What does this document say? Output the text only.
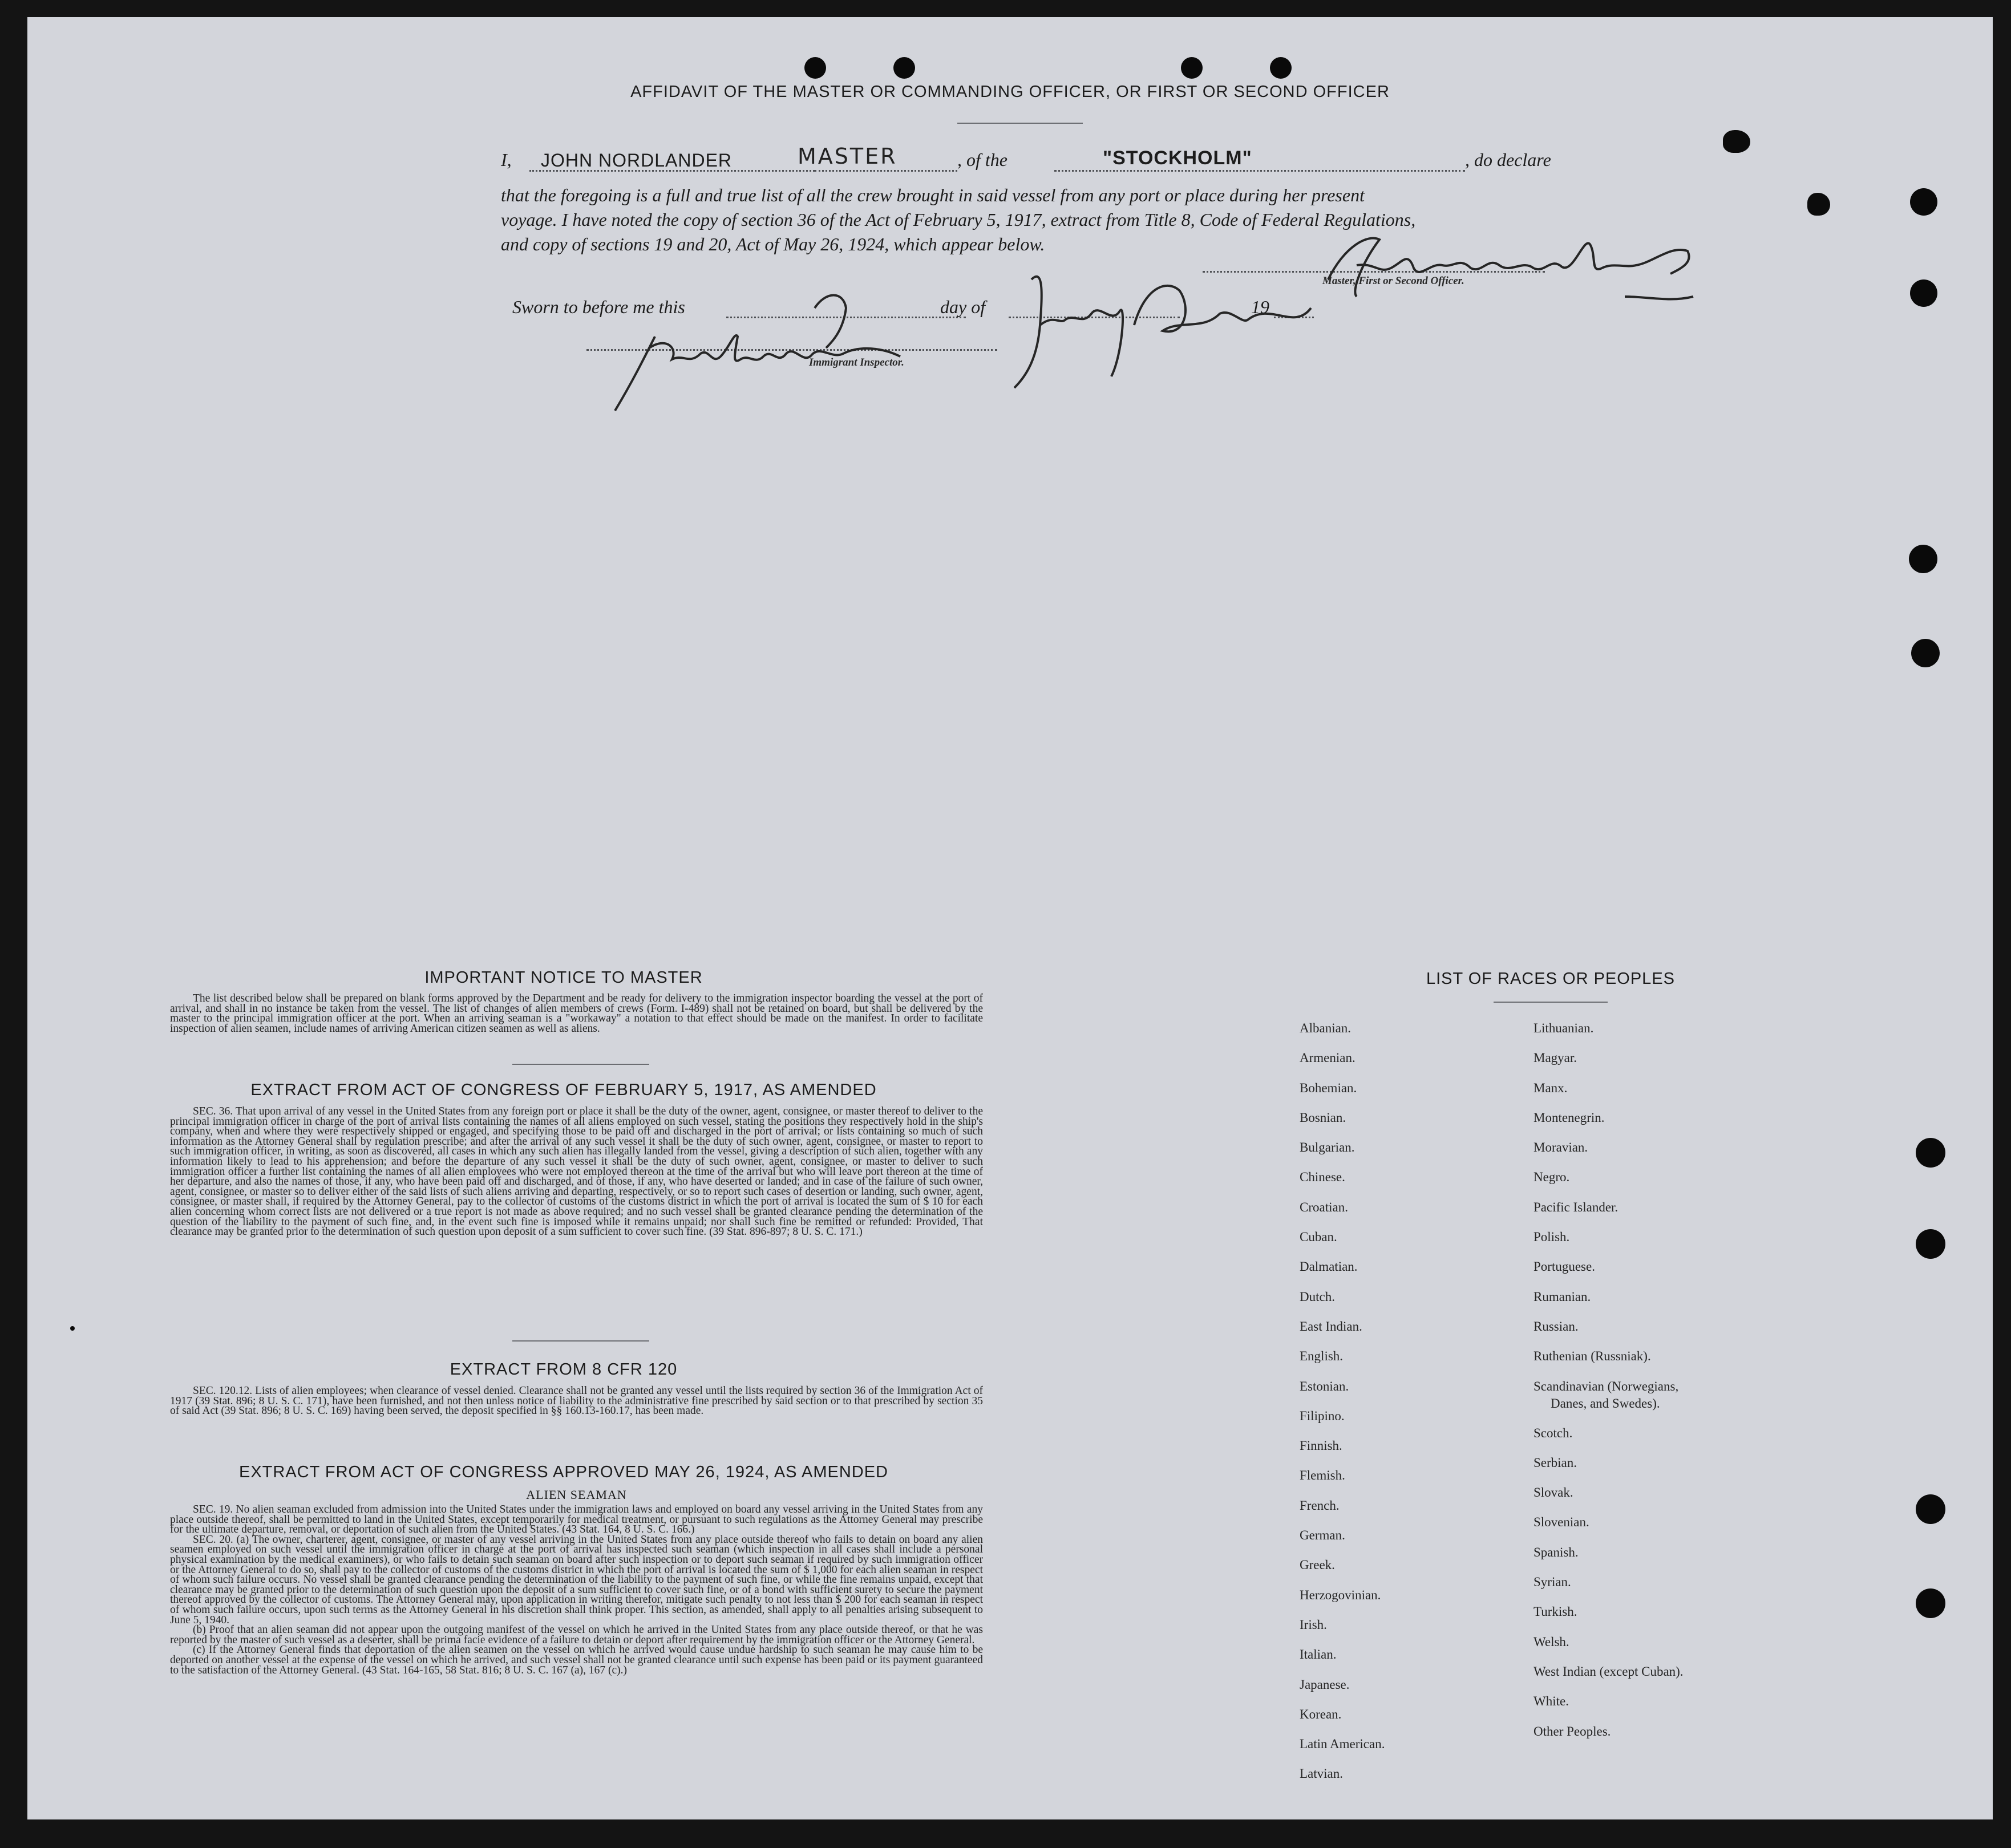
AFFIDAVIT OF THE MASTER OR COMMANDING OFFICER, OR FIRST OR SECOND OFFICER
I, JOHN NORDLANDER	MASTER	, of the	"STOCKHOLM"	, do declare
that the foregoing is a full and true list of all the crew brought in said vessel from any port or place during her present
voyage. I have noted the copy of section 36 of the Act of February 5, 1917, extract from Title 8, Code of Federal Regulations,
and copy of sections 19 and 20, Act of May 26, 1924, which appear below.
Master, First or Second Officer.
Sworn to before me this	day of	19
Immigrant Inspector.
IMPORTANT NOTICE TO MASTER

The list described below shall be prepared on blank forms approved by the Department and be ready for delivery to the immigration inspector boarding the vessel at the port of arrival, and shall in no instance be taken from the vessel. The list of changes of alien members of crews (Form. I-489) shall not be retained on board, but shall be delivered by the master to the principal immigration officer at the port. When an arriving seaman is a "workaway" a notation to that effect should be made on the manifest. In order to facilitate inspection of alien seamen, include names of arriving American citizen seamen as well as aliens.

EXTRACT FROM ACT OF CONGRESS OF FEBRUARY 5, 1917, AS AMENDED

SEC. 36. That upon arrival of any vessel in the United States from any foreign port or place it shall be the duty of the owner, agent, consignee, or master thereof to deliver to the principal immigration officer in charge of the port of arrival lists containing the names of all aliens employed on such vessel, stating the positions they respectively hold in the ship's company, when and where they were respectively shipped or engaged, and specifying those to be paid off and discharged in the port of arrival; or lists containing so much of such information as the Attorney General shall by regulation prescribe; and after the arrival of any such vessel it shall be the duty of such owner, agent, consignee, or master to report to such immigration officer, in writing, as soon as discovered, all cases in which any such alien has illegally landed from the vessel, giving a description of such alien, together with any information likely to lead to his apprehension; and before the departure of any such vessel it shall be the duty of such owner, agent, consignee, or master to deliver to such immigration officer a further list containing the names of all alien employees who were not employed thereon at the time of the arrival but who will leave port thereon at the time of her departure, and also the names of those, if any, who have been paid off and discharged, and of those, if any, who have deserted or landed; and in case of the failure of such owner, agent, consignee, or master so to deliver either of the said lists of such aliens arriving and departing, respectively, or so to report such cases of desertion or landing, such owner, agent, consignee, or master shall, if required by the Attorney General, pay to the collector of customs of the customs district in which the port of arrival is located the sum of $ 10 for each alien concerning whom correct lists are not delivered or a true report is not made as above required; and no such vessel shall be granted clearance pending the determination of the question of the liability to the payment of such fine, and, in the event such fine is imposed while it remains unpaid; nor shall such fine be remitted or refunded: Provided, That clearance may be granted prior to the determination of such question upon deposit of a sum sufficient to cover such fine. (39 Stat. 896-897; 8 U. S. C. 171.)

EXTRACT FROM 8 CFR 120

SEC. 120.12. Lists of alien employees; when clearance of vessel denied. Clearance shall not be granted any vessel until the lists required by section 36 of the Immigration Act of 1917 (39 Stat. 896; 8 U. S. C. 171), have been furnished, and not then unless notice of liability to the administrative fine prescribed by said section or to that prescribed by section 35 of said Act (39 Stat. 896; 8 U. S. C. 169) having been served, the deposit specified in §§ 160.13-160.17, has been made.

EXTRACT FROM ACT OF CONGRESS APPROVED MAY 26, 1924, AS AMENDED
ALIEN SEAMAN

SEC. 19. No alien seaman excluded from admission into the United States under the immigration laws and employed on board any vessel arriving in the United States from any place outside thereof, shall be permitted to land in the United States, except temporarily for medical treatment, or pursuant to such regulations as the Attorney General may prescribe for the ultimate departure, removal, or deportation of such alien from the United States. (43 Stat. 164, 8 U. S. C. 166.)

SEC. 20. (a) The owner, charterer, agent, consignee, or master of any vessel arriving in the United States from any place outside thereof who fails to detain on board any alien seamen employed on such vessel until the immigration officer in charge at the port of arrival has inspected such seaman (which inspection in all cases shall include a personal physical examination by the medical examiners), or who fails to detain such seaman on board after such inspection or to deport such seaman if required by such immigration officer or the Attorney General to do so, shall pay to the collector of customs of the customs district in which the port of arrival is located the sum of $ 1,000 for each alien seaman in respect of whom such failure occurs. No vessel shall be granted clearance pending the determination of the liability to the payment of such fine, or while the fine remains unpaid, except that clearance may be granted prior to the determination of such question upon the deposit of a sum sufficient to cover such fine, or of a bond with sufficient surety to secure the payment thereof approved by the collector of customs. The Attorney General may, upon application in writing therefor, mitigate such penalty to not less than $ 200 for each seaman in respect of whom such failure occurs, upon such terms as the Attorney General in his discretion shall think proper. This section, as amended, shall apply to all penalties arising subsequent to June 5, 1940.

(b) Proof that an alien seaman did not appear upon the outgoing manifest of the vessel on which he arrived in the United States from any place outside thereof, or that he was reported by the master of such vessel as a deserter, shall be prima facie evidence of a failure to detain or deport after requirement by the immigration officer or the Attorney General.

(c) If the Attorney General finds that deportation of the alien seamen on the vessel on which he arrived would cause undue hardship to such seaman he may cause him to be deported on another vessel at the expense of the vessel on which he arrived, and such vessel shall not be granted clearance until such expense has been paid or its payment guaranteed to the satisfaction of the Attorney General. (43 Stat. 164-165, 58 Stat. 816; 8 U. S. C. 167 (a), 167 (c).)

LIST OF RACES OR PEOPLES
Albanian.
Armenian.
Bohemian.
Bosnian.
Bulgarian.
Chinese.
Croatian.
Cuban.
Dalmatian.
Dutch.
East Indian.
English.
Estonian.
Filipino.
Finnish.
Flemish.
French.
German.
Greek.
Herzogovinian.
Irish.
Italian.
Japanese.
Korean.
Latin American.
Latvian.
Lithuanian.
Magyar.
Manx.
Montenegrin.
Moravian.
Negro.
Pacific Islander.
Polish.
Portuguese.
Rumanian.
Russian.
Ruthenian (Russniak).
Scandinavian (Norwegians,
Danes, and Swedes).
Scotch.
Serbian.
Slovak.
Slovenian.
Spanish.
Syrian.
Turkish.
Welsh.
West Indian (except Cuban).
White.
Other Peoples.
